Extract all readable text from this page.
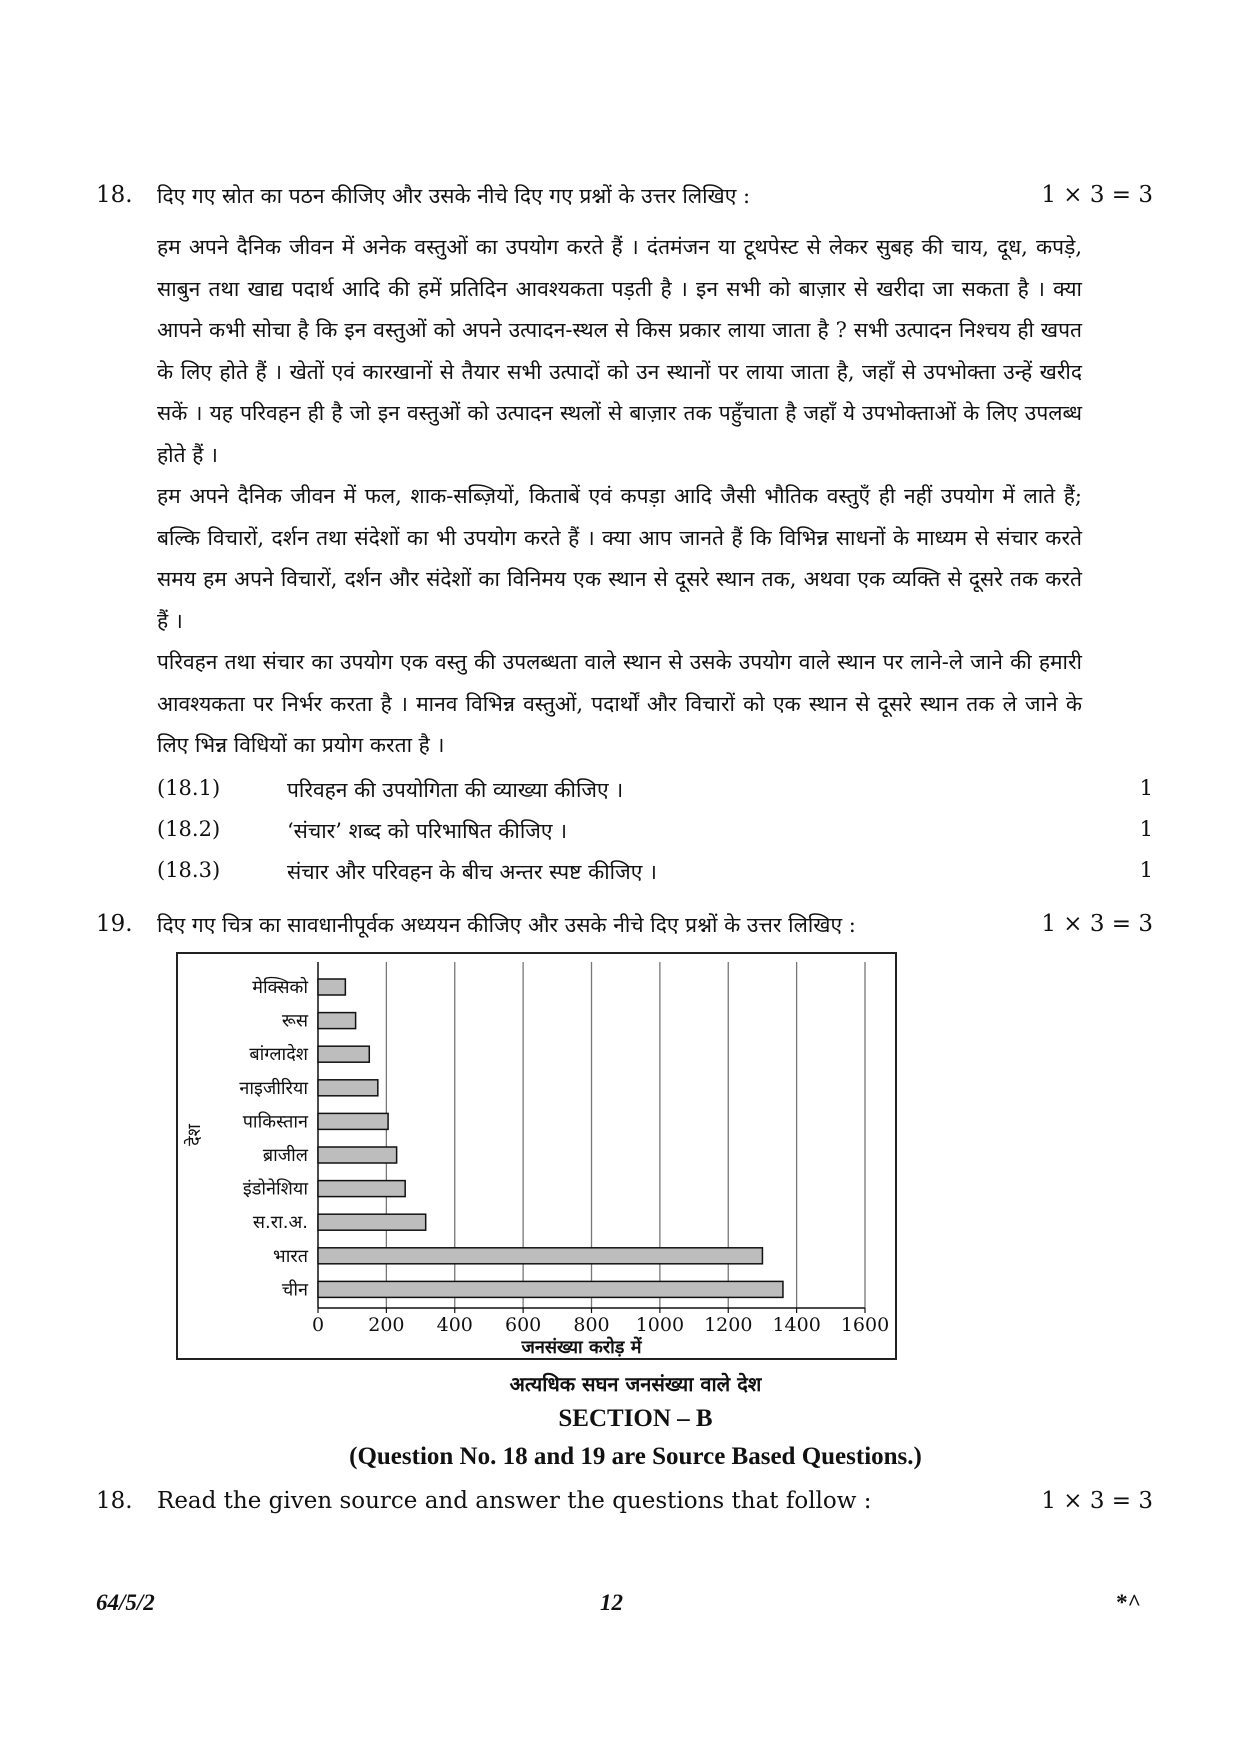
18. दिए गए स्रोत का पठन कीजिए और उसके नीचे दिए गए प्रश्नों के उत्तर लिखिए :	1 × 3 = 3

हम अपने दैनिक जीवन में अनेक वस्तुओं का उपयोग करते हैं । दंतमंजन या टूथपेस्ट से लेकर सुबह की चाय, दूध, कपड़े, साबुन तथा खाद्य पदार्थ आदि की हमें प्रतिदिन आवश्यकता पड़ती है । इन सभी को बाज़ार से खरीदा जा सकता है । क्या आपने कभी सोचा है कि इन वस्तुओं को अपने उत्पादन-स्थल से किस प्रकार लाया जाता है ? सभी उत्पादन निश्चय ही खपत के लिए होते हैं । खेतों एवं कारखानों से तैयार सभी उत्पादों को उन स्थानों पर लाया जाता है, जहाँ से उपभोक्ता उन्हें खरीद सकें । यह परिवहन ही है जो इन वस्तुओं को उत्पादन स्थलों से बाज़ार तक पहुँचाता है जहाँ ये उपभोक्ताओं के लिए उपलब्ध होते हैं ।

हम अपने दैनिक जीवन में फल, शाक-सब्ज़ियों, किताबें एवं कपड़ा आदि जैसी भौतिक वस्तुएँ ही नहीं उपयोग में लाते हैं; बल्कि विचारों, दर्शन तथा संदेशों का भी उपयोग करते हैं । क्या आप जानते हैं कि विभिन्न साधनों के माध्यम से संचार करते समय हम अपने विचारों, दर्शन और संदेशों का विनिमय एक स्थान से दूसरे स्थान तक, अथवा एक व्यक्ति से दूसरे तक करते हैं ।

परिवहन तथा संचार का उपयोग एक वस्तु की उपलब्धता वाले स्थान से उसके उपयोग वाले स्थान पर लाने-ले जाने की हमारी आवश्यकता पर निर्भर करता है । मानव विभिन्न वस्तुओं, पदार्थों और विचारों को एक स्थान से दूसरे स्थान तक ले जाने के लिए भिन्न विधियों का प्रयोग करता है ।

(18.1)	परिवहन की उपयोगिता की व्याख्या कीजिए ।	1
(18.2)	‘संचार’ शब्द को परिभाषित कीजिए ।	1
(18.3)	संचार और परिवहन के बीच अन्तर स्पष्ट कीजिए ।	1
19. दिए गए चित्र का सावधानीपूर्वक अध्ययन कीजिए और उसके नीचे दिए प्रश्नों के उत्तर लिखिए :	1 × 3 = 3
0 200 400 600 800 1000 1200 1400 1600
जनसंख्या करोड़ में
देश
मेक्सिको
रूस
बांग्लादेश
नाइजीरिया
पाकिस्तान
ब्राजील
इंडोनेशिया
स.रा.अ.
भारत
चीन
अत्यधिक सघन जनसंख्या वाले देश
SECTION – B
(Question No. 18 and 19 are Source Based Questions.)
18. Read the given source and answer the questions that follow :	1 × 3 = 3
64/5/2	12	*^
